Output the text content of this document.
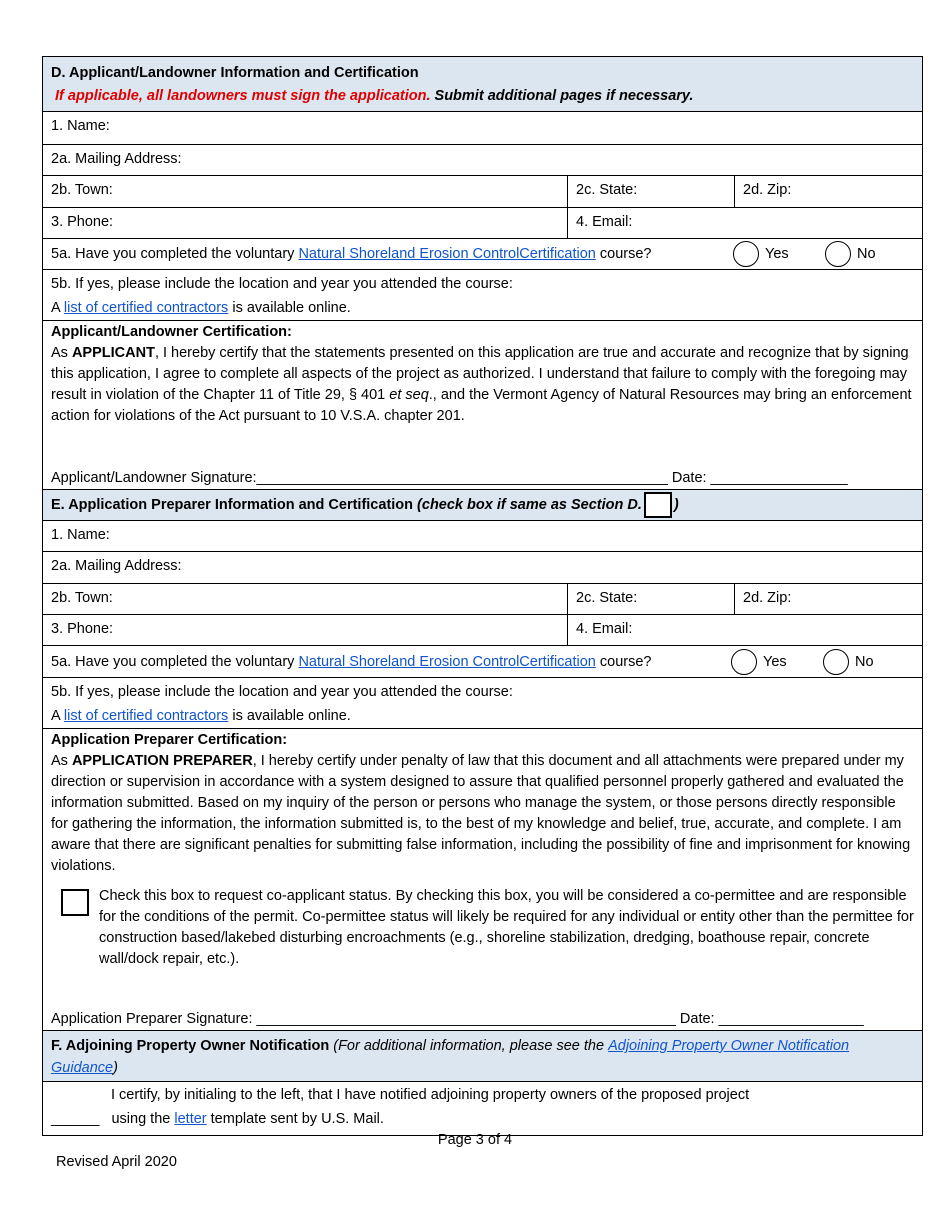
D. Applicant/Landowner Information and Certification
If applicable, all landowners must sign the application. Submit additional pages if necessary.
1. Name:
2a. Mailing Address:
2b. Town:	2c. State:	2d. Zip:
3. Phone:	4. Email:
5a. Have you completed the voluntary Natural Shoreland Erosion ControlCertification course?	Yes	No
5b. If yes, please include the location and year you attended the course:
A list of certified contractors is available online.
Applicant/Landowner Certification:
As APPLICANT, I hereby certify that the statements presented on this application are true and accurate and recognize that by signing this application, I agree to complete all aspects of the project as authorized. I understand that failure to comply with the foregoing may result in violation of the Chapter 11 of Title 29, § 401 et seq., and the Vermont Agency of Natural Resources may bring an enforcement action for violations of the Act pursuant to 10 V.S.A. chapter 201.
Applicant/Landowner Signature:___________________________________________________ Date: _________________
E. Application Preparer Information and Certification (check box if same as Section D. )
1. Name:
2a. Mailing Address:
2b. Town:	2c. State:	2d. Zip:
3. Phone:	4. Email:
5a. Have you completed the voluntary Natural Shoreland Erosion ControlCertification course?	Yes	No
5b. If yes, please include the location and year you attended the course:
A list of certified contractors is available online.
Application Preparer Certification:
As APPLICATION PREPARER, I hereby certify under penalty of law that this document and all attachments were prepared under my direction or supervision in accordance with a system designed to assure that qualified personnel properly gathered and evaluated the information submitted. Based on my inquiry of the person or persons who manage the system, or those persons directly responsible for gathering the information, the information submitted is, to the best of my knowledge and belief, true, accurate, and complete. I am aware that there are significant penalties for submitting false information, including the possibility of fine and imprisonment for knowing violations.
Check this box to request co-applicant status. By checking this box, you will be considered a co-permittee and are responsible for the conditions of the permit. Co-permittee status will likely be required for any individual or entity other than the permittee for construction based/lakebed disturbing encroachments (e.g., shoreline stabilization, dredging, boathouse repair, concrete wall/dock repair, etc.).
Application Preparer Signature: ____________________________________________________ Date: __________________
F. Adjoining Property Owner Notification (For additional information, please see the Adjoining Property Owner Notification Guidance)
I certify, by initialing to the left, that I have notified adjoining property owners of the proposed project
______ using the letter template sent by U.S. Mail.
Page 3 of 4
Revised April 2020
